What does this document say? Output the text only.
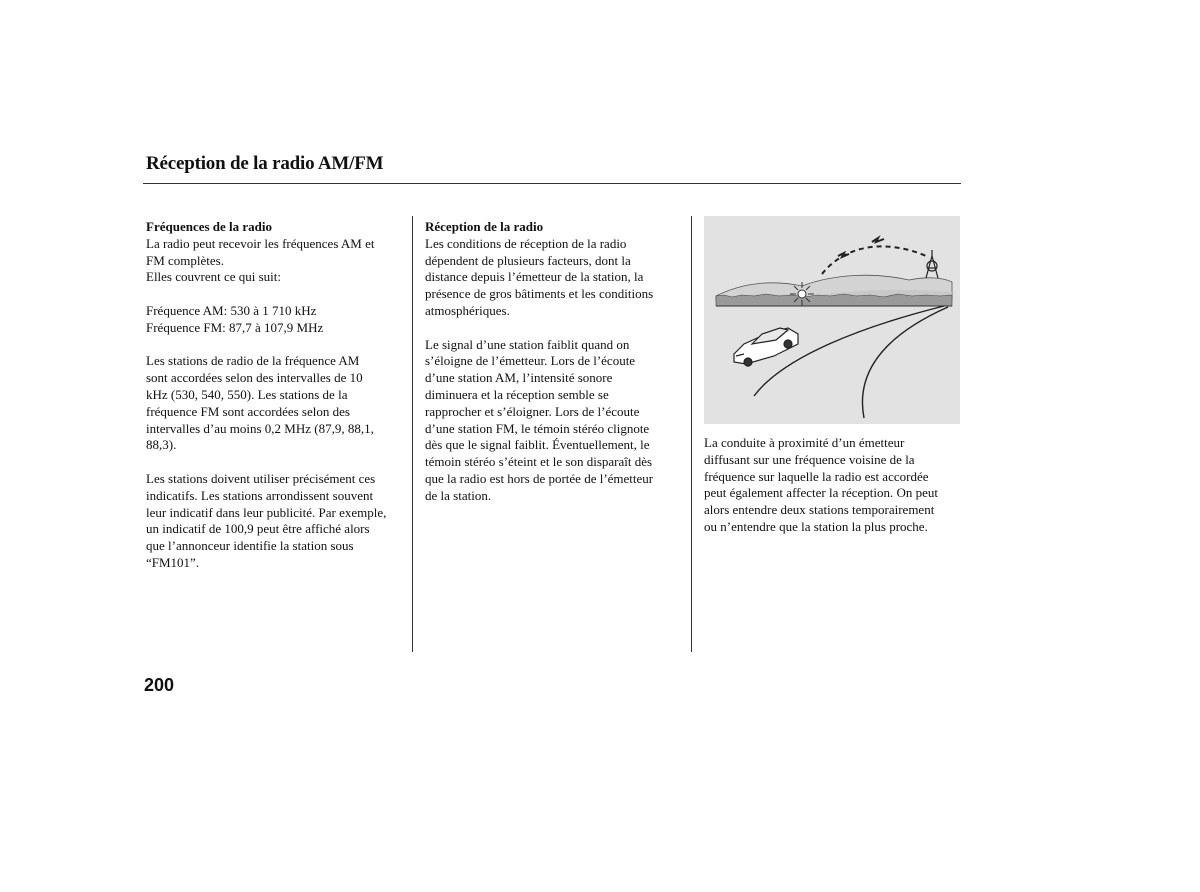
Réception de la radio AM/FM
Fréquences de la radio
La radio peut recevoir les fréquences AM et
FM complètes.
Elles couvrent ce qui suit:
Fréquence AM: 530 à 1 710 kHz
Fréquence FM: 87,7 à 107,9 MHz
Les stations de radio de la fréquence AM
sont accordées selon des intervalles de 10
kHz (530, 540, 550). Les stations de la
fréquence FM sont accordées selon des
intervalles d’au moins 0,2 MHz (87,9, 88,1,
88,3).
Les stations doivent utiliser précisément ces
indicatifs. Les stations arrondissent souvent
leur indicatif dans leur publicité. Par exemple,
un indicatif de 100,9 peut être affiché alors
que l’annonceur identifie la station sous
“FM101”.
Réception de la radio
Les conditions de réception de la radio
dépendent de plusieurs facteurs, dont la
distance depuis l’émetteur de la station, la
présence de gros bâtiments et les conditions
atmosphériques.
Le signal d’une station faiblit quand on
s’éloigne de l’émetteur. Lors de l’écoute
d’une station AM, l’intensité sonore
diminuera et la réception semble se
rapprocher et s’éloigner. Lors de l’écoute
d’une station FM, le témoin stéréo clignote
dès que le signal faiblit. Éventuellement, le
témoin stéréo s’éteint et le son disparaît dès
que la radio est hors de portée de l’émetteur
de la station.
La conduite à proximité d’un émetteur
diffusant sur une fréquence voisine de la
fréquence sur laquelle la radio est accordée
peut également affecter la réception. On peut
alors entendre deux stations temporairement
ou n’entendre que la station la plus proche.
200
